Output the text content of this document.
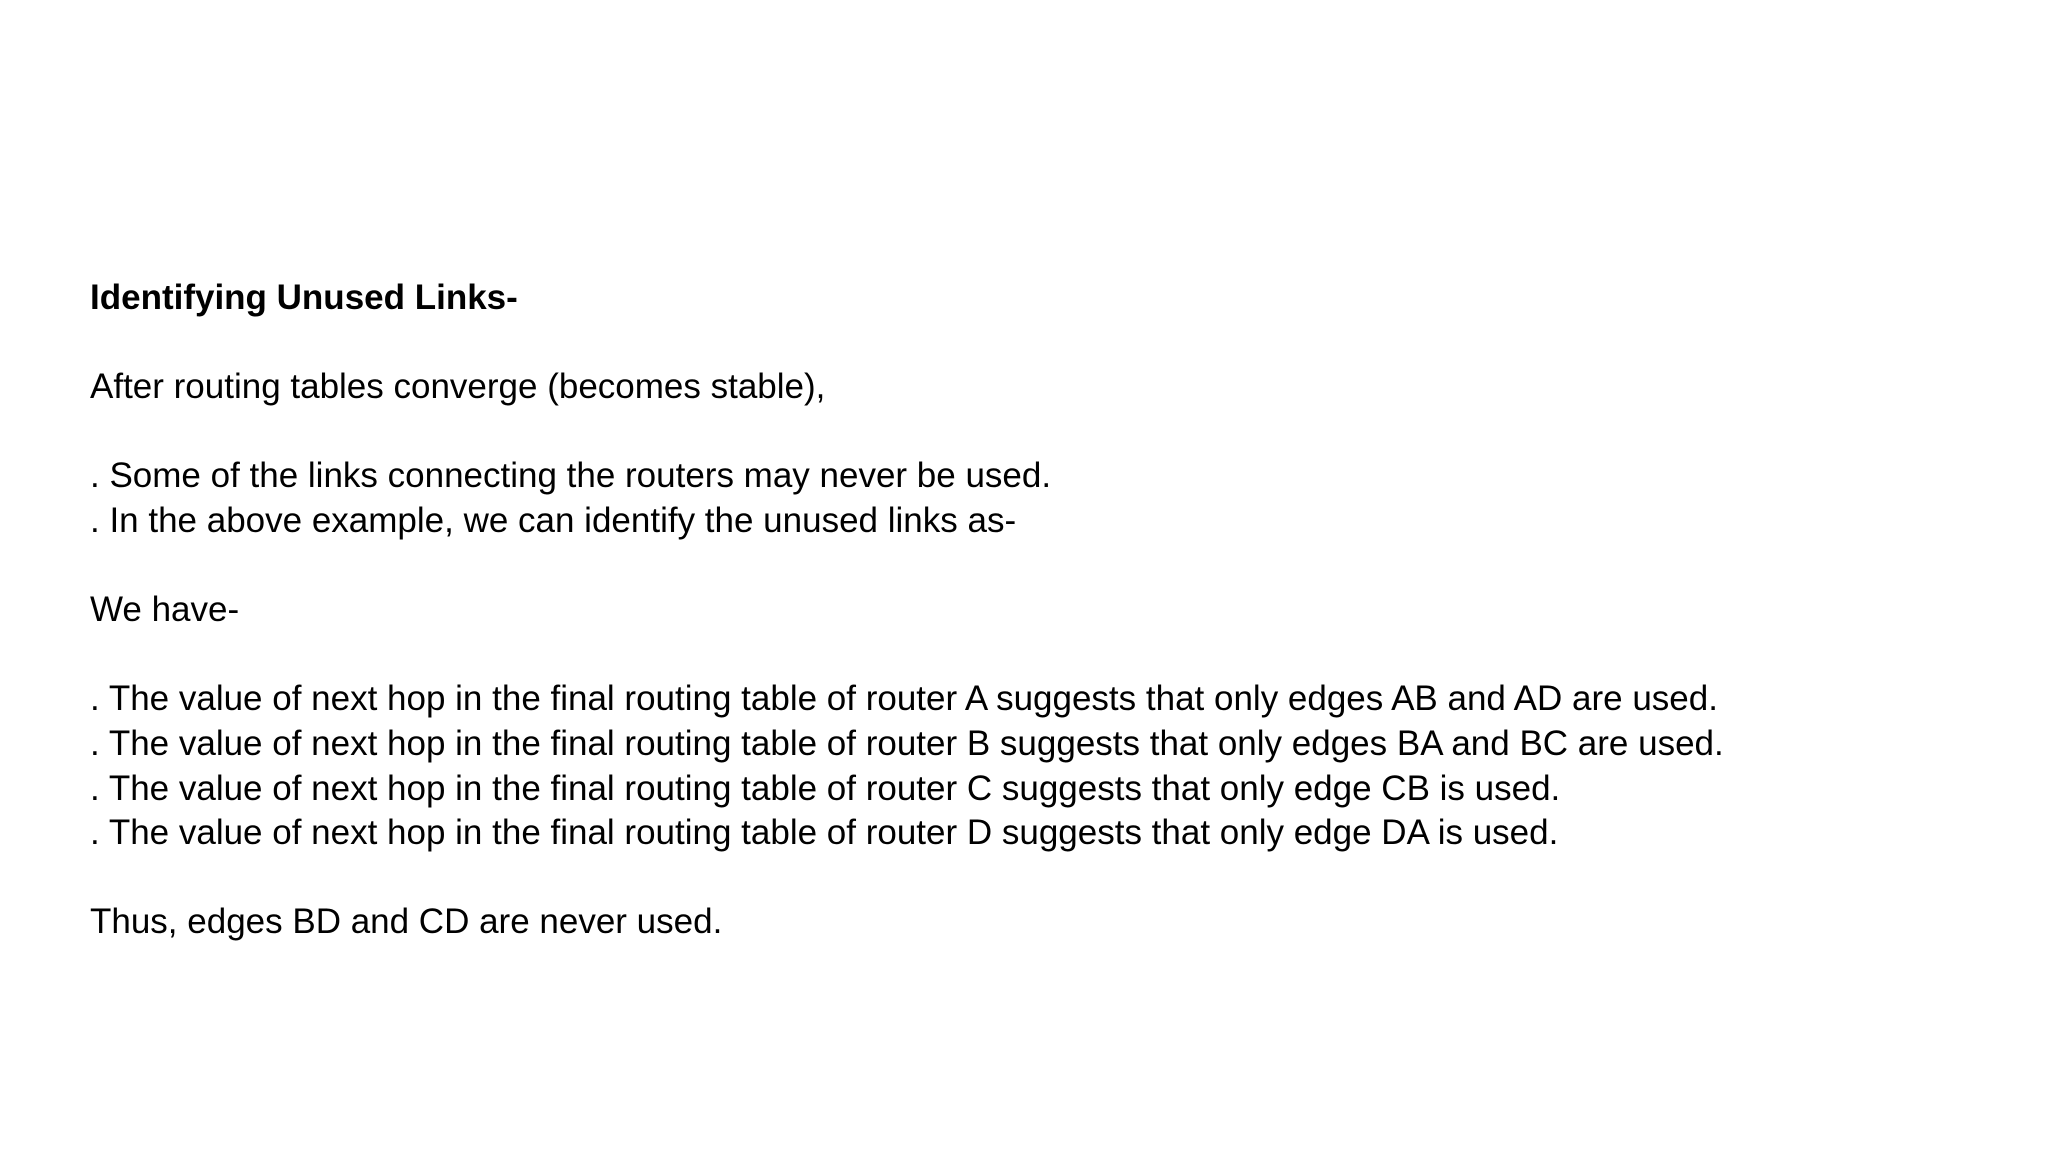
Identifying Unused Links-

After routing tables converge (becomes stable),

. Some of the links connecting the routers may never be used.

. In the above example, we can identify the unused links as-

We have-

. The value of next hop in the final routing table of router A suggests that only edges AB and AD are used.

. The value of next hop in the final routing table of router B suggests that only edges BA and BC are used.

. The value of next hop in the final routing table of router C suggests that only edge CB is used.

. The value of next hop in the final routing table of router D suggests that only edge DA is used.

Thus, edges BD and CD are never used.
